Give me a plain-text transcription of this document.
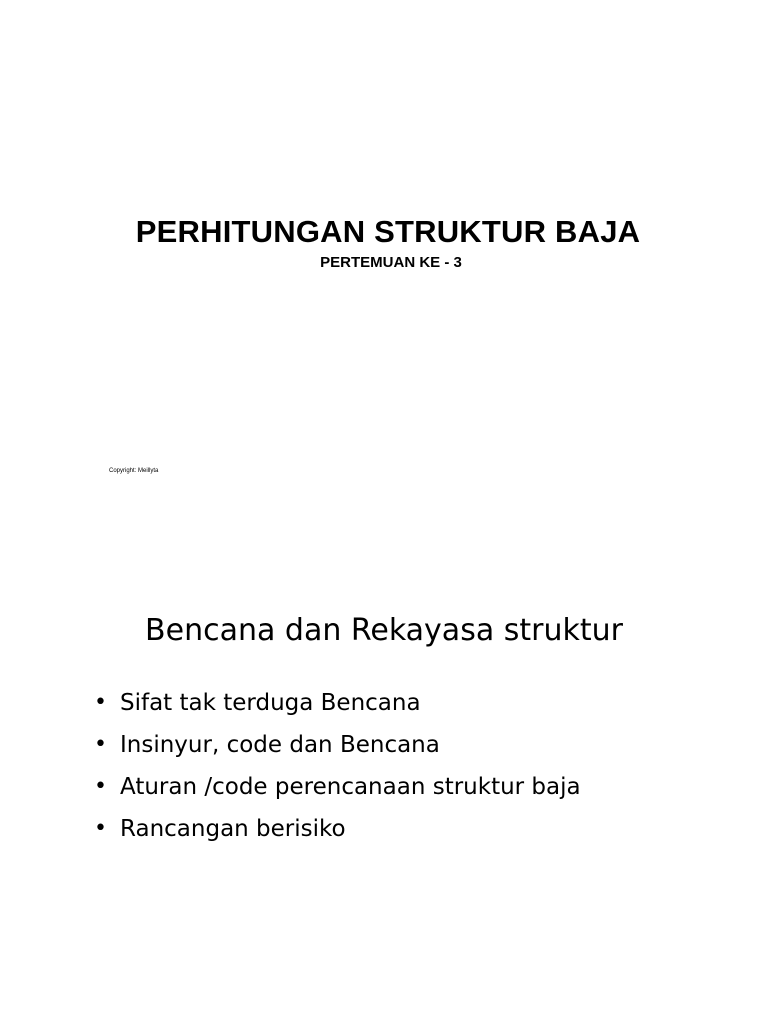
PERHITUNGAN STRUKTUR BAJA
PERTEMUAN KE - 3
Copyright: Meillyta
Bencana dan Rekayasa struktur
• Sifat tak terduga Bencana
• Insinyur, code dan Bencana
• Aturan /code perencanaan struktur baja
• Rancangan berisiko
